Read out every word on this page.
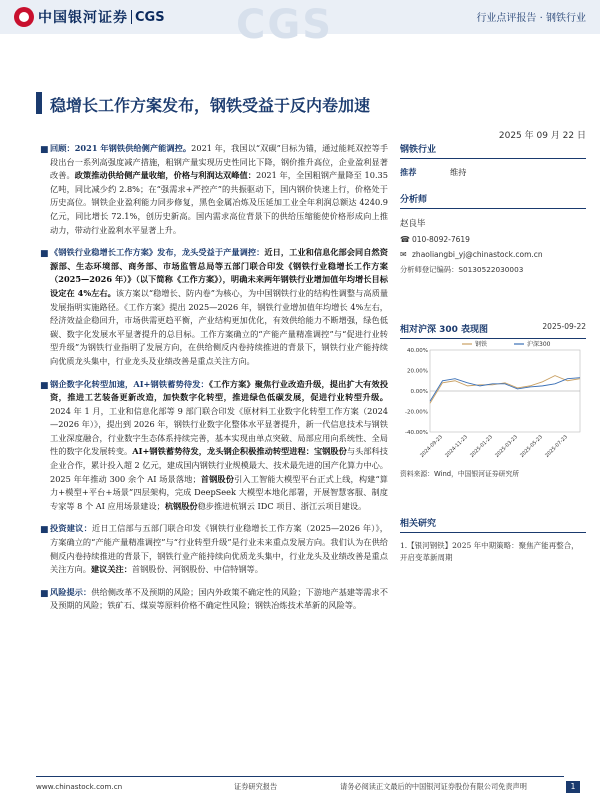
CGS
中国银河证券 CGS	行业点评报告 · 钢铁行业
稳增长工作方案发布，钢铁受益于反内卷加速
2025 年 09 月 22 日
■ 回顾：2021 年钢铁供给侧产能调控。2021 年，我国以“双碳”目标为锚，通过能耗双控等手段出台一系列高强度减产措施，粗钢产量实现历史性同比下降，钢价推升高位，企业盈利显著改善。政策推动供给侧产量收缩，价格与利润达双峰值：2021 年，全国粗钢产量降至 10.35 亿吨，同比减少约 2.8%；在“强需求+严控产”的共振驱动下，国内钢价快速上行，价格处于历史高位。钢铁企业盈利能力同步修复，黑色金属冶炼及压延加工业全年利润总额达 4240.9 亿元，同比增长 72.1%，创历史新高。国内需求高位背景下的供给压缩能使价格形成向上推动力，带动行业盈利水平显著上升。
■ 《钢铁行业稳增长工作方案》发布，龙头受益于产量调控：近日，工业和信息化部会同自然资源部、生态环境部、商务部、市场监管总局等五部门联合印发《钢铁行业稳增长工作方案（2025—2026 年）》（以下简称《工作方案》），明确未来两年钢铁行业增加值年均增长目标设定在 4%左右。该方案以“稳增长、防内卷”为核心，为中国钢铁行业的结构性调整与高质量发展指明实施路径。《工作方案》提出 2025—2026 年，钢铁行业增加值年均增长 4%左右，经济效益企稳回升，市场供需更趋平衡，产业结构更加优化，有效供给能力不断增强，绿色低碳、数字化发展水平显著提升的总目标。工作方案确立的“产能产量精准调控”与“促进行业转型升级”为钢铁行业指明了发展方向，在供给侧反内卷持续推进的背景下，钢铁行业产能持续向优质龙头集中，行业龙头及业绩改善是重点关注方向。
■ 钢企数字化转型加速，AI+钢铁蓄势待发：《工作方案》聚焦行业改造升级，提出扩大有效投资，推进工艺装备更新改造，加快数字化转型，推进绿色低碳发展，促进行业转型升级。2024 年 1 月，工业和信息化部等 9 部门联合印发《原材料工业数字化转型工作方案（2024—2026 年）》，提出到 2026 年，钢铁行业数字化整体水平显著提升，新一代信息技术与钢铁工业深度融合，行业数字生态体系持续完善，基本实现由单点突破、局部应用向系统性、全局性的数字化发展转变。AI+钢铁蓄势待发，龙头钢企积极推动转型进程：宝钢股份与头部科技企业合作，累计投入超 2 亿元，建成国内钢铁行业规模最大、技术最先进的国产化算力中心。2025 年年推动 300 余个 AI 场景落地；首钢股份引入工智能大模型平台正式上线，构建“算力+模型+平台+场景”四层架构，完成 DeepSeek 大模型本地化部署，开展智慧客服、制度专家等 8 个 AI 应用场景建设；杭钢股份稳步推进杭钢云 IDC 项目、浙江云项目建设。
■ 投资建议：近日工信部与五部门联合印发《钢铁行业稳增长工作方案（2025—2026 年）》，方案确立的“产能产量精准调控”与“行业转型升级”是行业未来重点发展方向。我们认为在供给侧反内卷持续推进的背景下，钢铁行业产能持续向优质龙头集中，行业龙头及业绩改善是重点关注方向。建议关注：首钢股份、河钢股份、中信特钢等。
■ 风险提示：供给侧改革不及预期的风险；国内外政策不确定性的风险；下游地产基建等需求不及预期的风险；铁矿石、煤炭等原料价格不确定性风险；钢铁冶炼技术革新的风险等。
钢铁行业
推荐	维持
分析师
赵良毕
☎ 010-8092-7619
✉ zhaoliangbi_yj@chinastock.com.cn
分析师登记编码：S0130522030003
相对沪深 300 表现图	2025-09-22
40.00%
20.00%
0.00%
-20.00%
-40.00%
2024-09-23 2024-11-23 2025-01-23 2025-03-23 2025-05-23 2025-07-23
钢铁	沪深300
资料来源：Wind，中国银河证券研究所
相关研究
1.【银河钢铁】2025 年中期策略：聚焦产能再整合，开启变革新周期
www.chinastock.com.cn	证券研究报告	请务必阅读正文最后的中国银河证券股份有限公司免责声明	1
